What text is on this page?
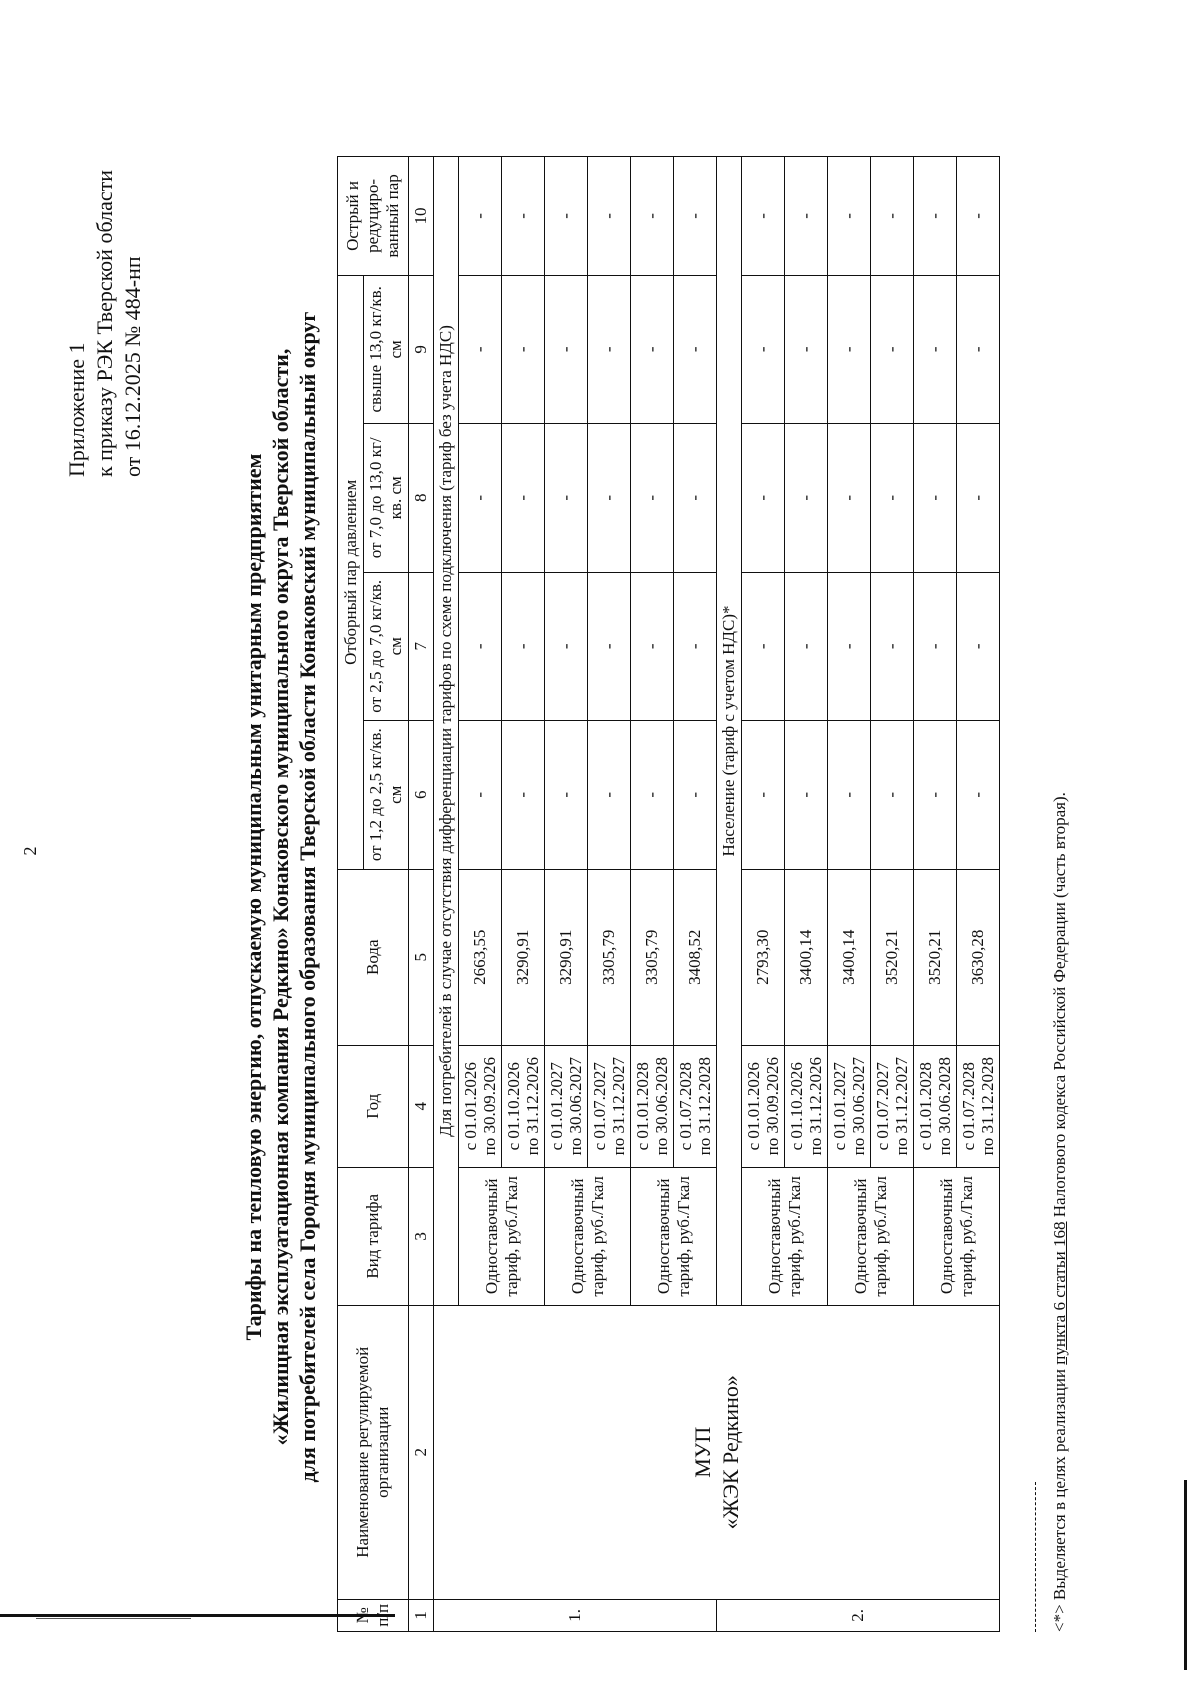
2
Приложение 1 к приказу РЭК Тверской области от 16.12.2025 № 484-нп
Тарифы на тепловую энергию, отпускаемую муниципальным унитарным предприятием «Жилищная эксплуатационная компания Редкино» Конаковского муниципального округа Тверской области, для потребителей села Городня муниципального образования Тверской области Конаковский муниципальный округ
№ п/п	Наименование регулируемой организации	Вид тарифа	Год	Вода	Отборный пар давлением				Острый и редуциро-ванный пар
					от 1,2 до 2,5 кг/кв. см	от 2,5 до 7,0 кг/кв. см	от 7,0 до 13,0 кг/кв. см	свыше 13,0 кг/кв. см	
1	2	3	4	5	6	7	8	9	10
1.	МУП «ЖЭК Редкино»	Для потребителей в случае отсутствия дифференциации тарифов по схеме подключения (тариф без учета НДС)							
		Одноставочный тариф, руб./Гкал	с 01.01.2026 по 30.09.2026	2663,55	-	-	-	-	-

			с 01.10.2026 по 31.12.2026	3290,91	-	-	-	-	-
		Одноставочный тариф, руб./Гкал	с 01.01.2027 по 30.06.2027	3290,91	-	-	-	-	-

			с 01.07.2027 по 31.12.2027	3305,79	-	-	-	-	-
		Одноставочный тариф, руб./Гкал	с 01.01.2028 по 30.06.2028	3305,79	-	-	-	-	-

			с 01.07.2028 по 31.12.2028	3408,52	-	-	-	-	-
2.		Население (тариф с учетом НДС)*							
		Одноставочный тариф, руб./Гкал	с 01.01.2026 по 30.09.2026	2793,30	-	-	-	-	-

			с 01.10.2026 по 31.12.2026	3400,14	-	-	-	-	-
		Одноставочный тариф, руб./Гкал	с 01.01.2027 по 30.06.2027	3400,14	-	-	-	-	-

			с 01.07.2027 по 31.12.2027	3520,21	-	-	-	-	-
		Одноставочный тариф, руб./Гкал	с 01.01.2028 по 30.06.2028	3520,21	-	-	-	-	-

			с 01.07.2028 по 31.12.2028	3630,28	-	-	-	-	-
<*> Выделяется в целях реализации пункта 6 статьи 168 Налогового кодекса Российской Федерации (часть вторая).
